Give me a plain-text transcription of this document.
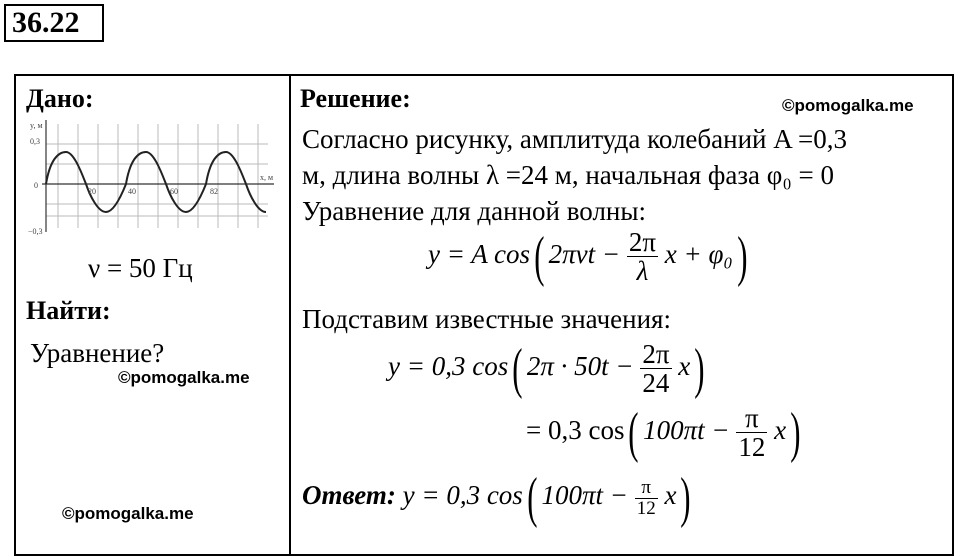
36.22
Дано:
y, м
0,3
0
−0,3
20	40	60	82
x, м
ν = 50 Гц
Найти:
Уравнение?
©pomogalka.me
©pomogalka.me
Решение:	©pomogalka.me
Согласно рисунку, амплитуда колебаний A =0,3
м, длина волны λ =24 м, начальная фаза φ₀ = 0
Уравнение для данной волны:
y = A cos( $2\pi\nu t - \frac{2\pi}{\lambda}$ x + φ₀)
Подставим известные значения:
y = 0,3 cos( $2\pi \cdot 50t - \frac{2\pi}{24} x$)
= 0,3 cos( $100\pi t - \frac{\pi}{12} x$)
Ответ: y = 0,3 cos( $100\pi t - \frac{\pi}{12} x$)
